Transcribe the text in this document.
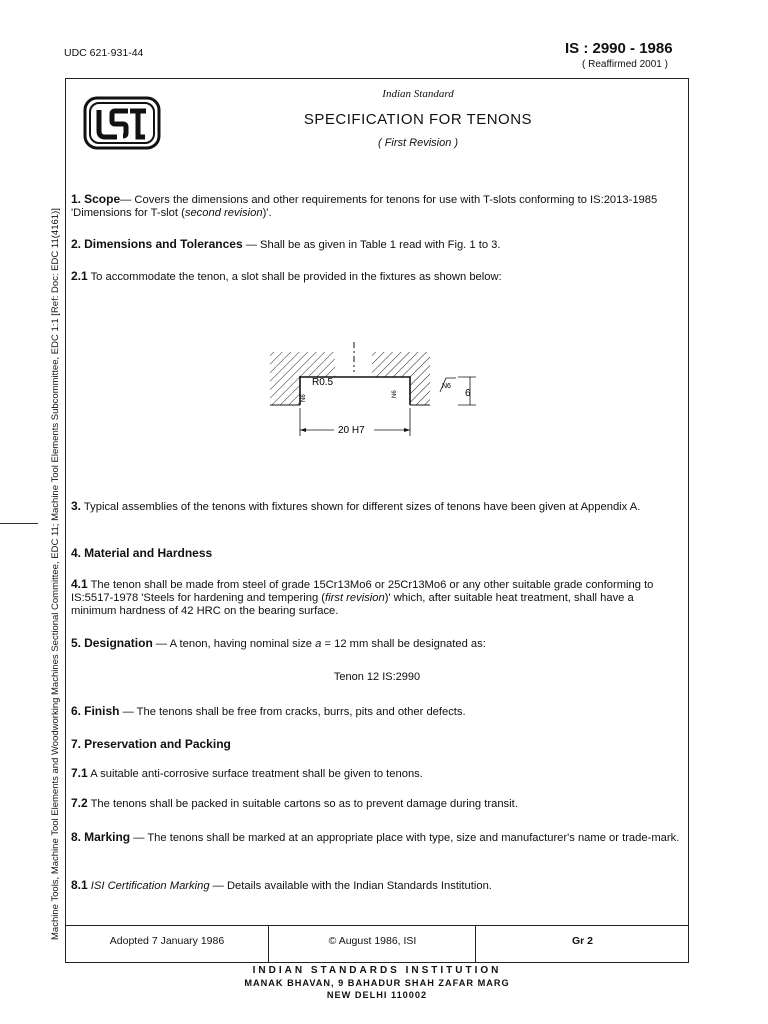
UDC 621·931-44	IS : 2990 - 1986
( Reaffirmed 2001 )
Machine Tools, Machine Tool Elements and Woodworking Machines Sectional Committee, EDC 11; Machine Tool Elements Subcommittee, EDC 1:1 [Ref: Doc: EDC 11(4161)]
Indian Standard
SPECIFICATION FOR TENONS
( First Revision )
1. Scope— Covers the dimensions and other requirements for tenons for use with T-slots conforming to IS:2013-1985 'Dimensions for T-slot (second revision)'.
2. Dimensions and Tolerances — Shall be as given in Table 1 read with Fig. 1 to 3.
2.1 To accommodate the tenon, a slot shall be provided in the fixtures as shown below:
R0.5
N6
N6
N6
6
20 H7
3. Typical assemblies of the tenons with fixtures shown for different sizes of tenons have been given at Appendix A.
4. Material and Hardness
4.1 The tenon shall be made from steel of grade 15Cr13Mo6 or 25Cr13Mo6 or any other suitable grade conforming to IS:5517-1978 'Steels for hardening and tempering (first revision)' which, after suitable heat treatment, shall have a minimum hardness of 42 HRC on the bearing surface.
5. Designation — A tenon, having nominal size a = 12 mm shall be designated as:
Tenon 12 IS:2990
6. Finish — The tenons shall be free from cracks, burrs, pits and other defects.
7. Preservation and Packing
7.1 A suitable anti-corrosive surface treatment shall be given to tenons.
7.2 The tenons shall be packed in suitable cartons so as to prevent damage during transit.
8. Marking — The tenons shall be marked at an appropriate place with type, size and manufacturer's name or trade-mark.
8.1 ISI Certification Marking — Details available with the Indian Standards Institution.
Adopted 7 January 1986	© August 1986, ISI	Gr 2
INDIAN STANDARDS INSTITUTION
MANAK BHAVAN, 9 BAHADUR SHAH ZAFAR MARG
NEW DELHI 110002
